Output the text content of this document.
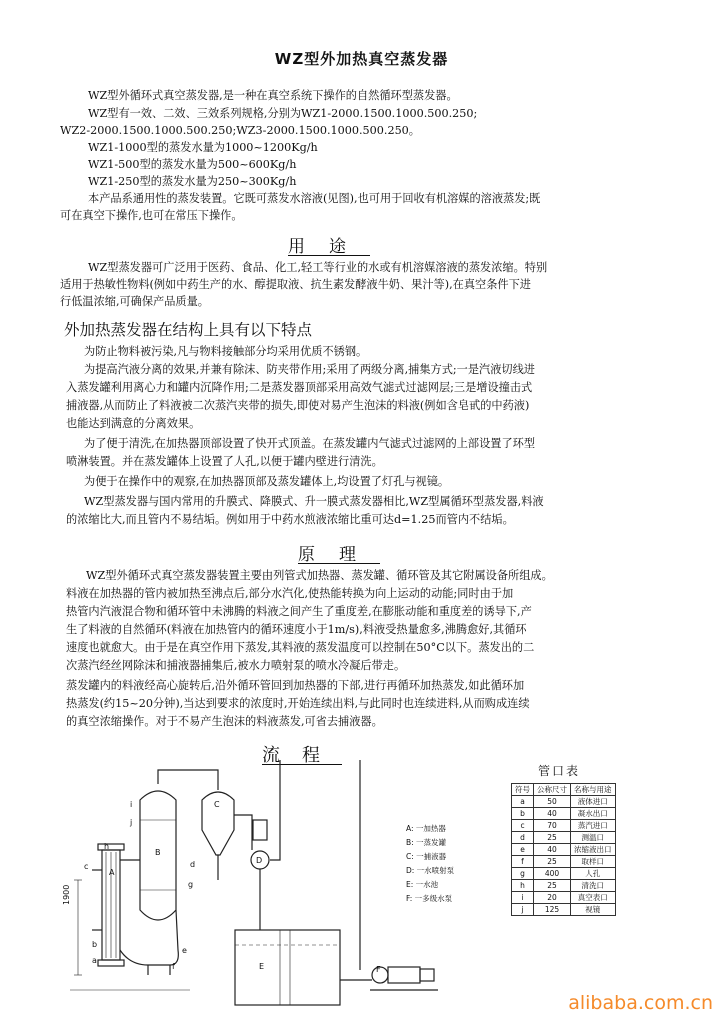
WZ型外加热真空蒸发器
WZ型外循环式真空蒸发器,是一种在真空系统下操作的自然循环型蒸发器。
WZ型有一效、二效、三效系列规格,分别为WZ1-2000.1500.1000.500.250;
WZ2-2000.1500.1000.500.250;WZ3-2000.1500.1000.500.250。
WZ1-1000型的蒸发水量为1000~1200Kg/h
WZ1-500型的蒸发水量为500~600Kg/h
WZ1-250型的蒸发水量为250~300Kg/h
本产品系通用性的蒸发装置。它既可蒸发水溶液(见图),也可用于回收有机溶媒的溶液蒸发;既
可在真空下操作,也可在常压下操作。
用途
WZ型蒸发器可广泛用于医药、食品、化工,轻工等行业的水或有机溶媒溶液的蒸发浓缩。特别
适用于热敏性物料(例如中药生产的水、醇提取液、抗生素发酵液牛奶、果汁等),在真空条件下进
行低温浓缩,可确保产品质量。
外加热蒸发器在结构上具有以下特点
为防止物料被污染,凡与物料接触部分均采用优质不锈钢。
为提高汽液分离的效果,并兼有除沫、防夹带作用;采用了两级分离,捕集方式;一是汽液切线进
入蒸发罐利用离心力和罐内沉降作用;二是蒸发器顶部采用高效气滤式过滤网层;三是增设撞击式
捕液器,从而防止了料液被二次蒸汽夹带的损失,即使对易产生泡沫的料液(例如含皂甙的中药液)
也能达到满意的分离效果。
为了便于清洗,在加热器顶部设置了快开式顶盖。在蒸发罐内气滤式过滤网的上部设置了环型
喷淋装置。并在蒸发罐体上设置了人孔,以便于罐内壁进行清洗。
为便于在操作中的观察,在加热器顶部及蒸发罐体上,均设置了灯孔与视镜。
WZ型蒸发器与国内常用的升膜式、降膜式、升一膜式蒸发器相比,WZ型属循环型蒸发器,料液
的浓缩比大,而且管内不易结垢。例如用于中药水煎液浓缩比重可达d=1.25而管内不结垢。
原理
WZ型外循环式真空蒸发器装置主要由列管式加热器、蒸发罐、循环管及其它附属设备所组成。
料液在加热器的管内被加热至沸点后,部分水汽化,使热能转换为向上运动的动能;同时由于加
热管内汽液混合物和循环管中未沸腾的料液之间产生了重度差,在膨胀动能和重度差的诱导下,产
生了料液的自然循环(料液在加热管内的循环速度小于1m/s),料液受热量愈多,沸腾愈好,其循环
速度也就愈大。由于是在真空作用下蒸发,其料液的蒸发温度可以控制在50°C以下。蒸发出的二
次蒸汽经丝网除沫和捕液器捕集后,被水力喷射泵的喷水冷凝后带走。
蒸发罐内的料液经高心旋转后,沿外循环管回到加热器的下部,进行再循环加热蒸发,如此循环加
热蒸发(约15~20分钟),当达到要求的浓度时,开始连续出料,与此同时也连续进料,从而购成连续
的真空浓缩操作。对于不易产生泡沫的料液蒸发,可省去捕液器。
流程
A
B
C
D
E	F
i
j
h
c	d
e
g
a
b
f
1900
A: 一加热器
B: 一蒸发罐
C: 一捕液器
D: 一水喷射泵
E: 一水池
F: 一多级水泵
管口表
符号	公称尺寸	名称与用途
a	50	液体进口
b	40	凝水出口
c	70	蒸汽进口
d	25	测温口
e	40	浓缩液出口
f	25	取样口
g	400	人孔
h	25	清洗口
i	20	真空表口
j	125	视镜
alibaba.com.cn
